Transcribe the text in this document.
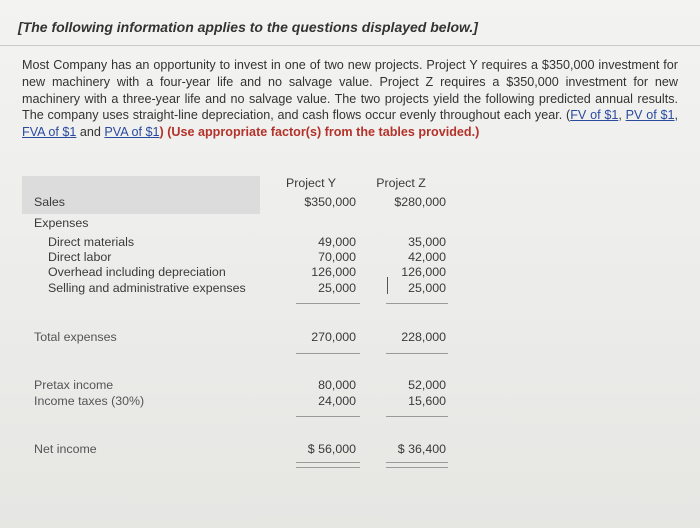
[The following information applies to the questions displayed below.]
Most Company has an opportunity to invest in one of two new projects. Project Y requires a $350,000 investment for new machinery with a four-year life and no salvage value. Project Z requires a $350,000 investment for new machinery with a three-year life and no salvage value. The two projects yield the following predicted annual results. The company uses straight-line depreciation, and cash flows occur evenly throughout each year. (FV of $1, PV of $1, FVA of $1 and PVA of $1) (Use appropriate factor(s) from the tables provided.)
Project Y	Project Z
Sales	$350,000	$280,000
Expenses
Direct materials	49,000	35,000
Direct labor	70,000	42,000
Overhead including depreciation	126,000	126,000
Selling and administrative expenses	25,000	25,000
Total expenses	270,000	228,000
Pretax income	80,000	52,000
Income taxes (30%)	24,000	15,600
Net income	$ 56,000	$ 36,400
